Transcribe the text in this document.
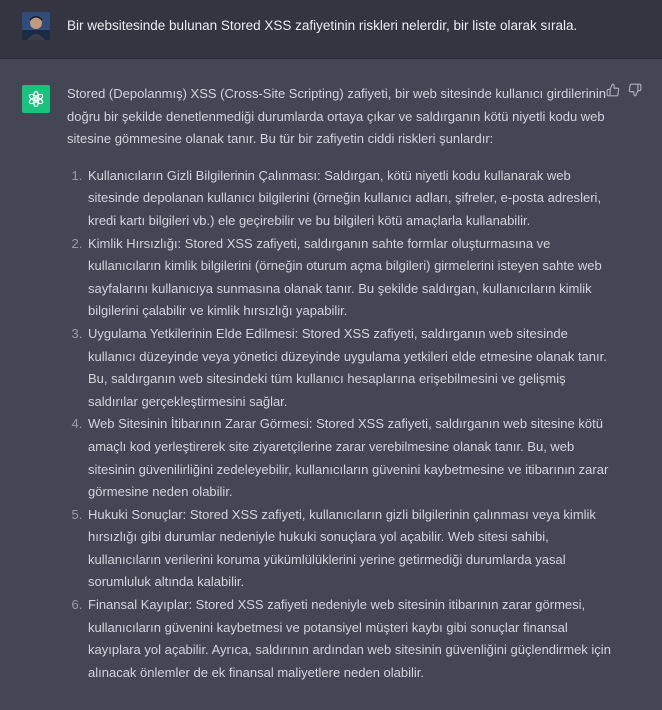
Bir websitesinde bulunan Stored XSS zafiyetinin riskleri nelerdir, bir liste olarak sırala.

Stored (Depolanmış) XSS (Cross-Site Scripting) zafiyeti, bir web sitesinde kullanıcı girdilerinin doğru bir şekilde denetlenmediği durumlarda ortaya çıkar ve saldırganın kötü niyetli kodu web sitesine gömmesine olanak tanır. Bu tür bir zafiyetin ciddi riskleri şunlardır:

1. Kullanıcıların Gizli Bilgilerinin Çalınması: Saldırgan, kötü niyetli kodu kullanarak web sitesinde depolanan kullanıcı bilgilerini (örneğin kullanıcı adları, şifreler, e-posta adresleri, kredi kartı bilgileri vb.) ele geçirebilir ve bu bilgileri kötü amaçlarla kullanabilir.
2. Kimlik Hırsızlığı: Stored XSS zafiyeti, saldırganın sahte formlar oluşturmasına ve kullanıcıların kimlik bilgilerini (örneğin oturum açma bilgileri) girmelerini isteyen sahte web sayfalarını kullanıcıya sunmasına olanak tanır. Bu şekilde saldırgan, kullanıcıların kimlik bilgilerini çalabilir ve kimlik hırsızlığı yapabilir.
3. Uygulama Yetkilerinin Elde Edilmesi: Stored XSS zafiyeti, saldırganın web sitesinde kullanıcı düzeyinde veya yönetici düzeyinde uygulama yetkileri elde etmesine olanak tanır. Bu, saldırganın web sitesindeki tüm kullanıcı hesaplarına erişebilmesini ve gelişmiş saldırılar gerçekleştirmesini sağlar.
4. Web Sitesinin İtibarının Zarar Görmesi: Stored XSS zafiyeti, saldırganın web sitesine kötü amaçlı kod yerleştirerek site ziyaretçilerine zarar verebilmesine olanak tanır. Bu, web sitesinin güvenilirliğini zedeleyebilir, kullanıcıların güvenini kaybetmesine ve itibarının zarar görmesine neden olabilir.
5. Hukuki Sonuçlar: Stored XSS zafiyeti, kullanıcıların gizli bilgilerinin çalınması veya kimlik hırsızlığı gibi durumlar nedeniyle hukuki sonuçlara yol açabilir. Web sitesi sahibi, kullanıcıların verilerini koruma yükümlülüklerini yerine getirmediği durumlarda yasal sorumluluk altında kalabilir.
6. Finansal Kayıplar: Stored XSS zafiyeti nedeniyle web sitesinin itibarının zarar görmesi, kullanıcıların güvenini kaybetmesi ve potansiyel müşteri kaybı gibi sonuçlar finansal kayıplara yol açabilir. Ayrıca, saldırının ardından web sitesinin güvenliğini güçlendirmek için alınacak önlemler de ek finansal maliyetlere neden olabilir.
